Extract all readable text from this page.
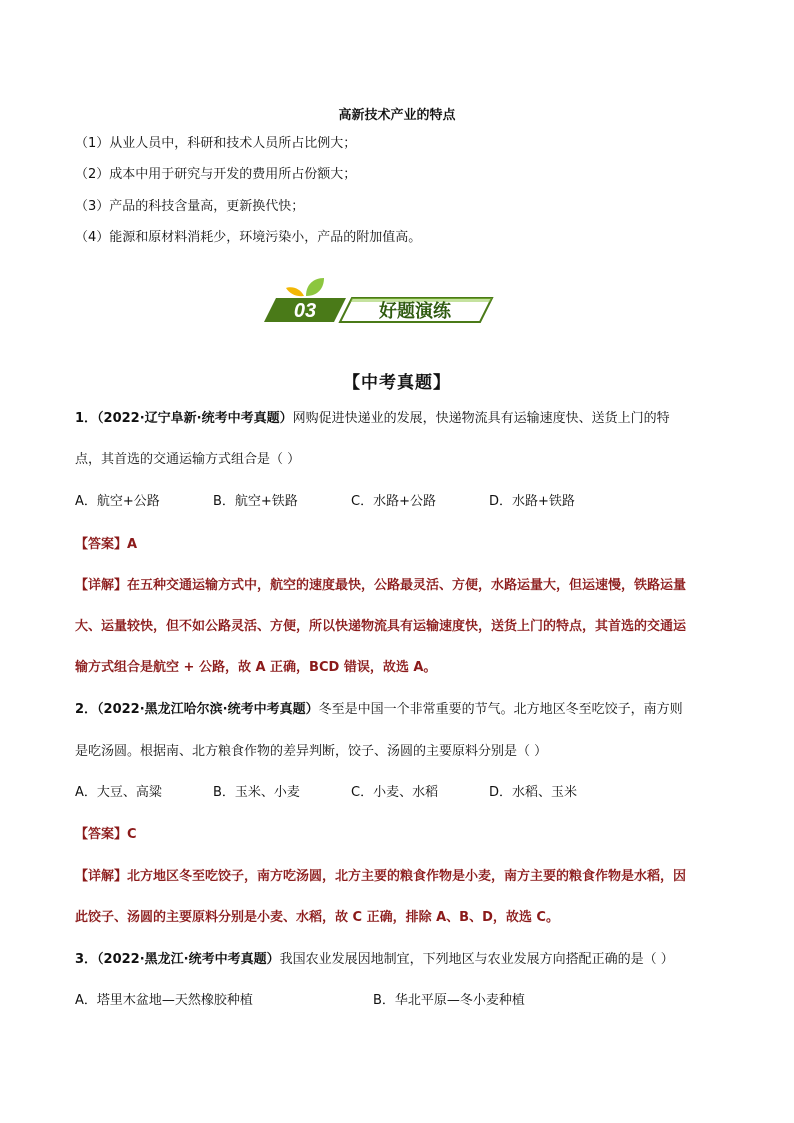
高新技术产业的特点
（1）从业人员中，科研和技术人员所占比例大；
（2）成本中用于研究与开发的费用所占份额大；
（3）产品的科技含量高，更新换代快；
（4）能源和原材料消耗少，环境污染小，产品的附加值高。
03	好题演练
【中考真题】
1．（2022·辽宁阜新·统考中考真题）网购促进快递业的发展，快递物流具有运输速度快、送货上门的特
点，其首选的交通运输方式组合是（ ）
A．航空+公路	B．航空+铁路	C．水路+公路	D．水路+铁路
【答案】A
【详解】在五种交通运输方式中，航空的速度最快，公路最灵活、方便，水路运量大，但运速慢，铁路运量
大、运量较快，但不如公路灵活、方便，所以快递物流具有运输速度快，送货上门的特点，其首选的交通运
输方式组合是航空 + 公路，故 A 正确，BCD 错误，故选 A。
2．（2022·黑龙江哈尔滨·统考中考真题）冬至是中国一个非常重要的节气。北方地区冬至吃饺子，南方则
是吃汤圆。根据南、北方粮食作物的差异判断，饺子、汤圆的主要原料分别是（ ）
A．大豆、高粱	B．玉米、小麦	C．小麦、水稻	D．水稻、玉米
【答案】C
【详解】北方地区冬至吃饺子，南方吃汤圆，北方主要的粮食作物是小麦，南方主要的粮食作物是水稻，因
此饺子、汤圆的主要原料分别是小麦、水稻，故 C 正确，排除 A、B、D，故选 C。
3．（2022·黑龙江·统考中考真题）我国农业发展因地制宜，下列地区与农业发展方向搭配正确的是（ ）
A．塔里木盆地—天然橡胶种植	B．华北平原—冬小麦种植
